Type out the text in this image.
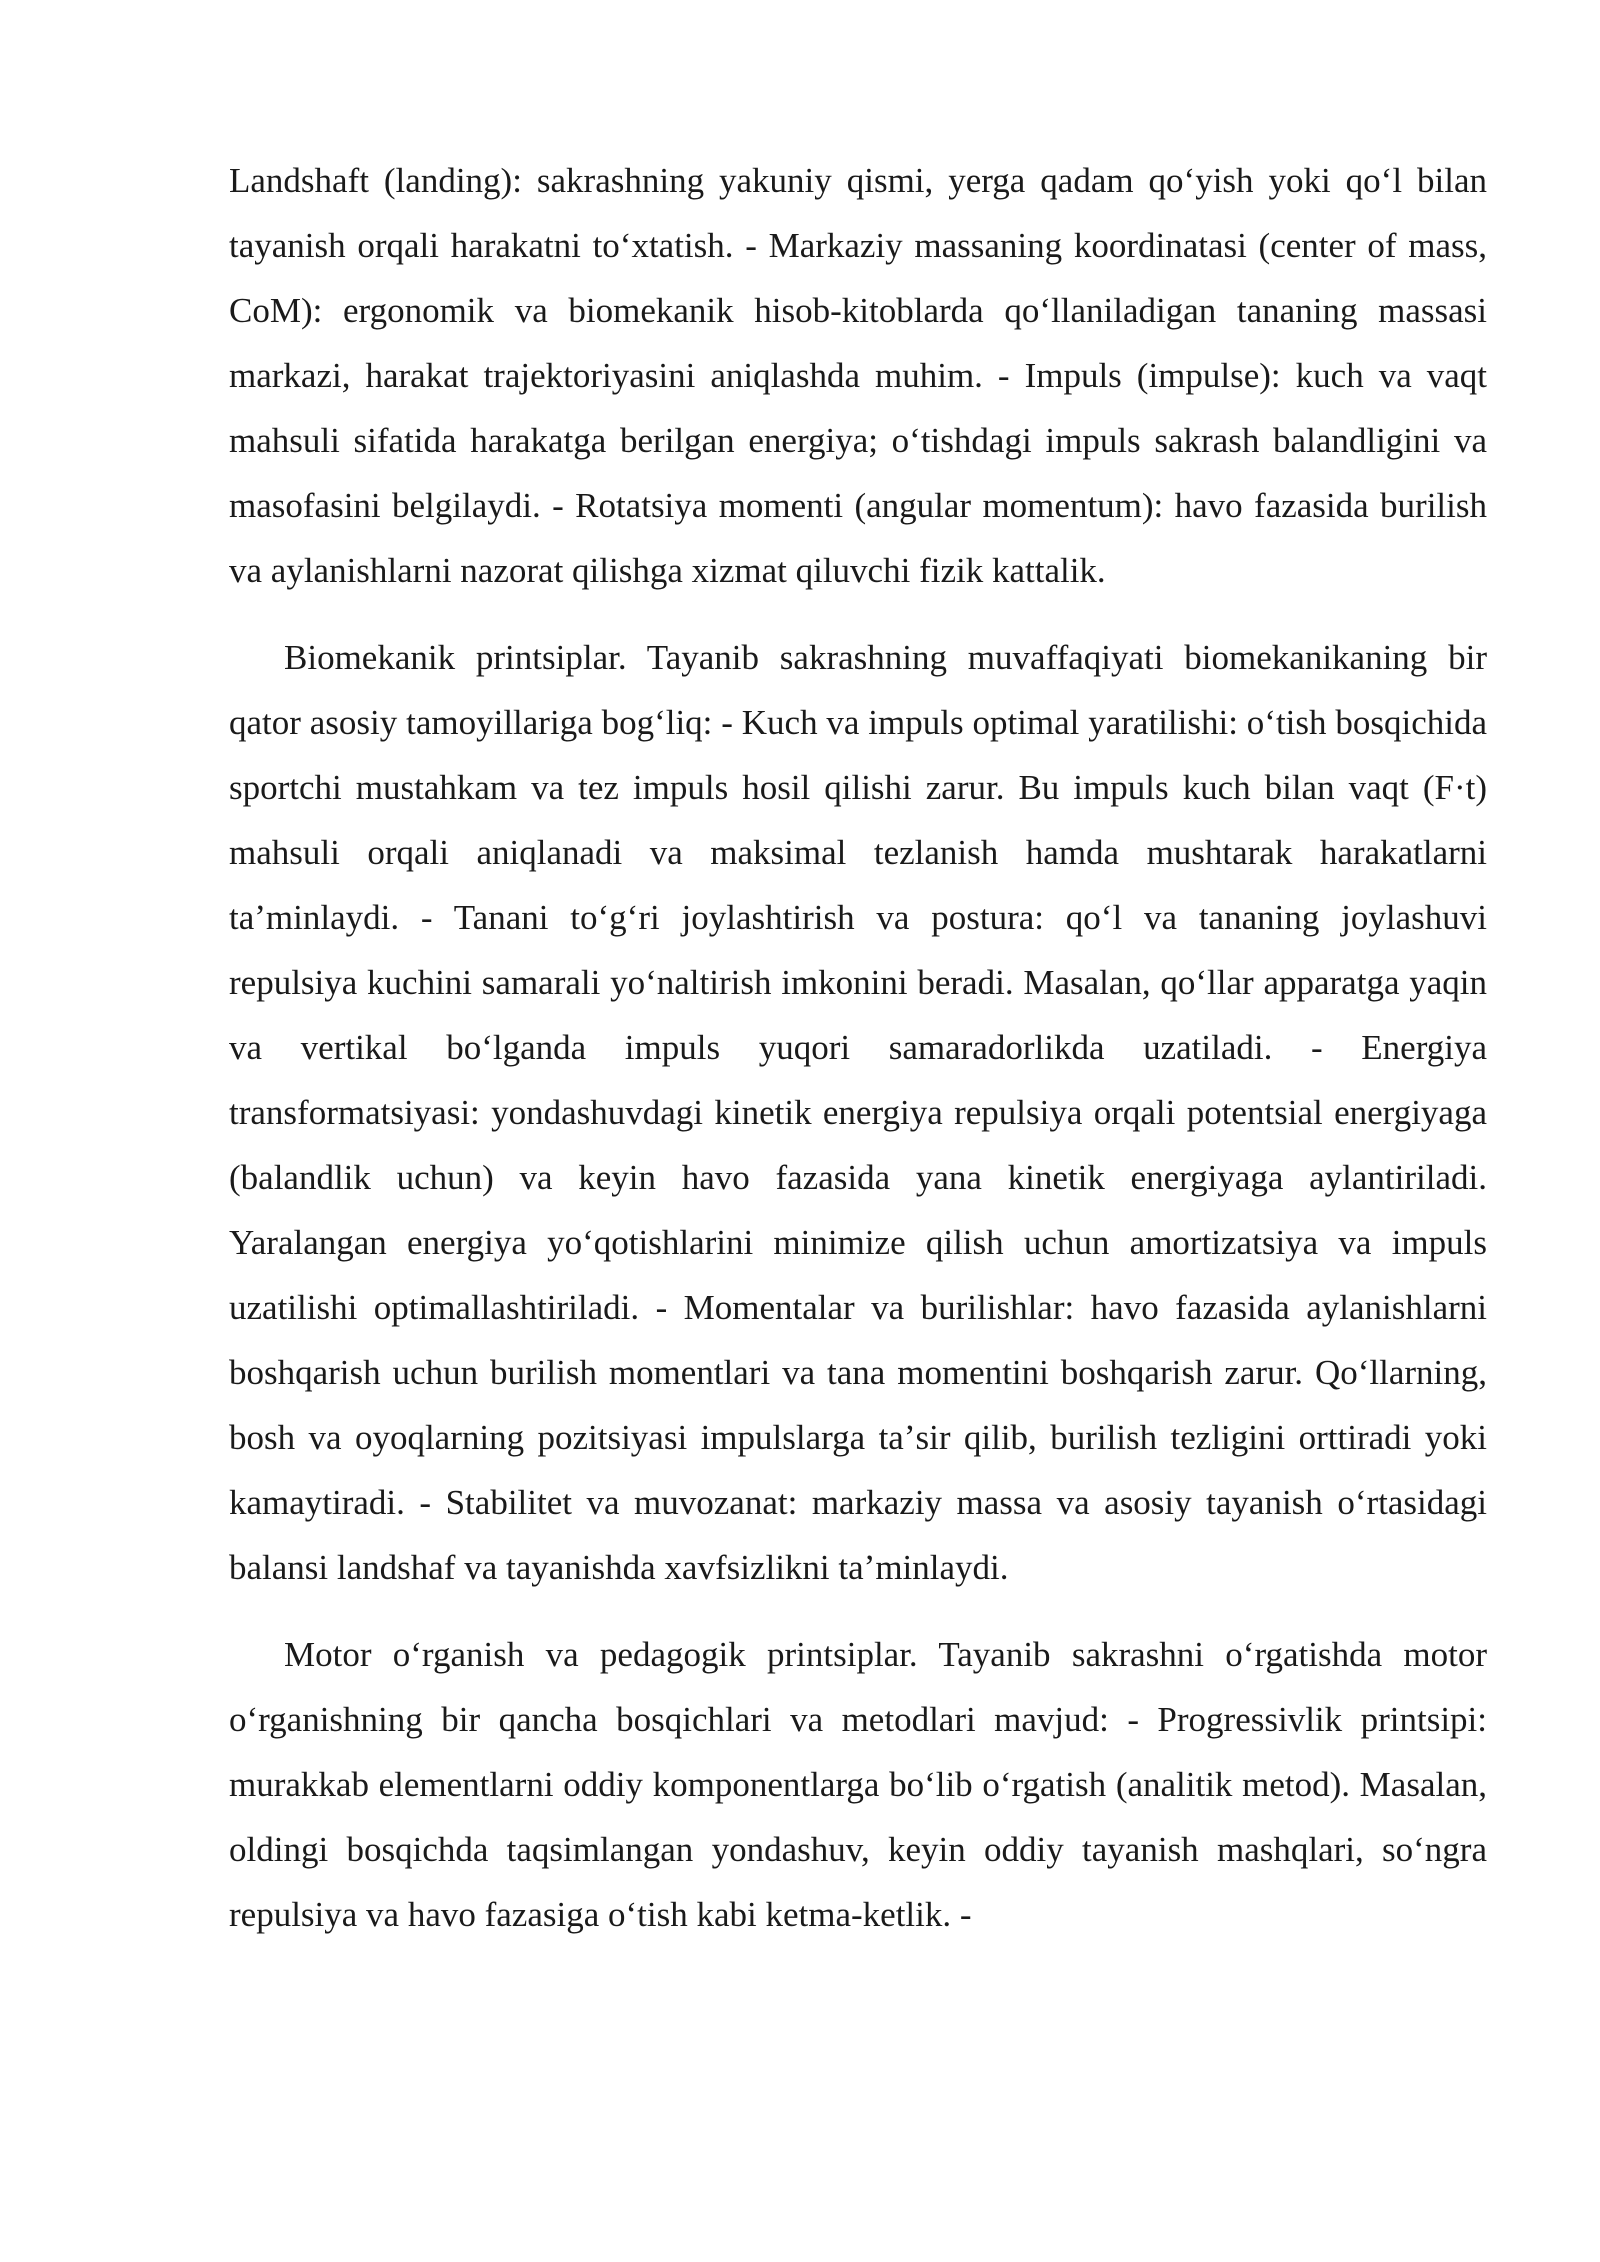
Landshaft (landing): sakrashning yakuniy qismi, yerga qadam qoʻyish yoki qoʻl bilan tayanish orqali harakatni toʻxtatish. - Markaziy massaning koordinatasi (center of mass, CoM): ergonomik va biomekanik hisob-kitoblarda qoʻllaniladigan tananing massasi markazi, harakat trajektoriyasini aniqlashda muhim. - Impuls (impulse): kuch va vaqt mahsuli sifatida harakatga berilgan energiya; oʻtishdagi impuls sakrash balandligini va masofasini belgilaydi. - Rotatsiya momenti (angular momentum): havo fazasida burilish va aylanishlarni nazorat qilishga xizmat qiluvchi fizik kattalik.

Biomekanik printsiplar. Tayanib sakrashning muvaffaqiyati biomekanikaning bir qator asosiy tamoyillariga bogʻliq: - Kuch va impuls optimal yaratilishi: oʻtish bosqichida sportchi mustahkam va tez impuls hosil qilishi zarur. Bu impuls kuch bilan vaqt (F·t) mahsuli orqali aniqlanadi va maksimal tezlanish hamda mushtarak harakatlarni taʼminlaydi. - Tanani toʻgʻri joylashtirish va postura: qoʻl va tananing joylashuvi repulsiya kuchini samarali yoʻnaltirish imkonini beradi. Masalan, qoʻllar apparatga yaqin va vertikal boʻlganda impuls yuqori samaradorlikda uzatiladi. - Energiya transformatsiyasi: yondashuvdagi kinetik energiya repulsiya orqali potentsial energiyaga (balandlik uchun) va keyin havo fazasida yana kinetik energiyaga aylantiriladi. Yaralangan energiya yoʻqotishlarini minimize qilish uchun amortizatsiya va impuls uzatilishi optimallashtiriladi. - Momentalar va burilishlar: havo fazasida aylanishlarni boshqarish uchun burilish momentlari va tana momentini boshqarish zarur. Qoʻllarning, bosh va oyoqlarning pozitsiyasi impulslarga taʼsir qilib, burilish tezligini orttiradi yoki kamaytiradi. - Stabilitet va muvozanat: markaziy massa va asosiy tayanish oʻrtasidagi balansi landshaf va tayanishda xavfsizlikni taʼminlaydi.

Motor oʻrganish va pedagogik printsiplar. Tayanib sakrashni oʻrgatishda motor oʻrganishning bir qancha bosqichlari va metodlari mavjud: - Progressivlik printsipi: murakkab elementlarni oddiy komponentlarga boʻlib oʻrgatish (analitik metod). Masalan, oldingi bosqichda taqsimlangan yondashuv, keyin oddiy tayanish mashqlari, soʻngra repulsiya va havo fazasiga oʻtish kabi ketma-ketlik. -
